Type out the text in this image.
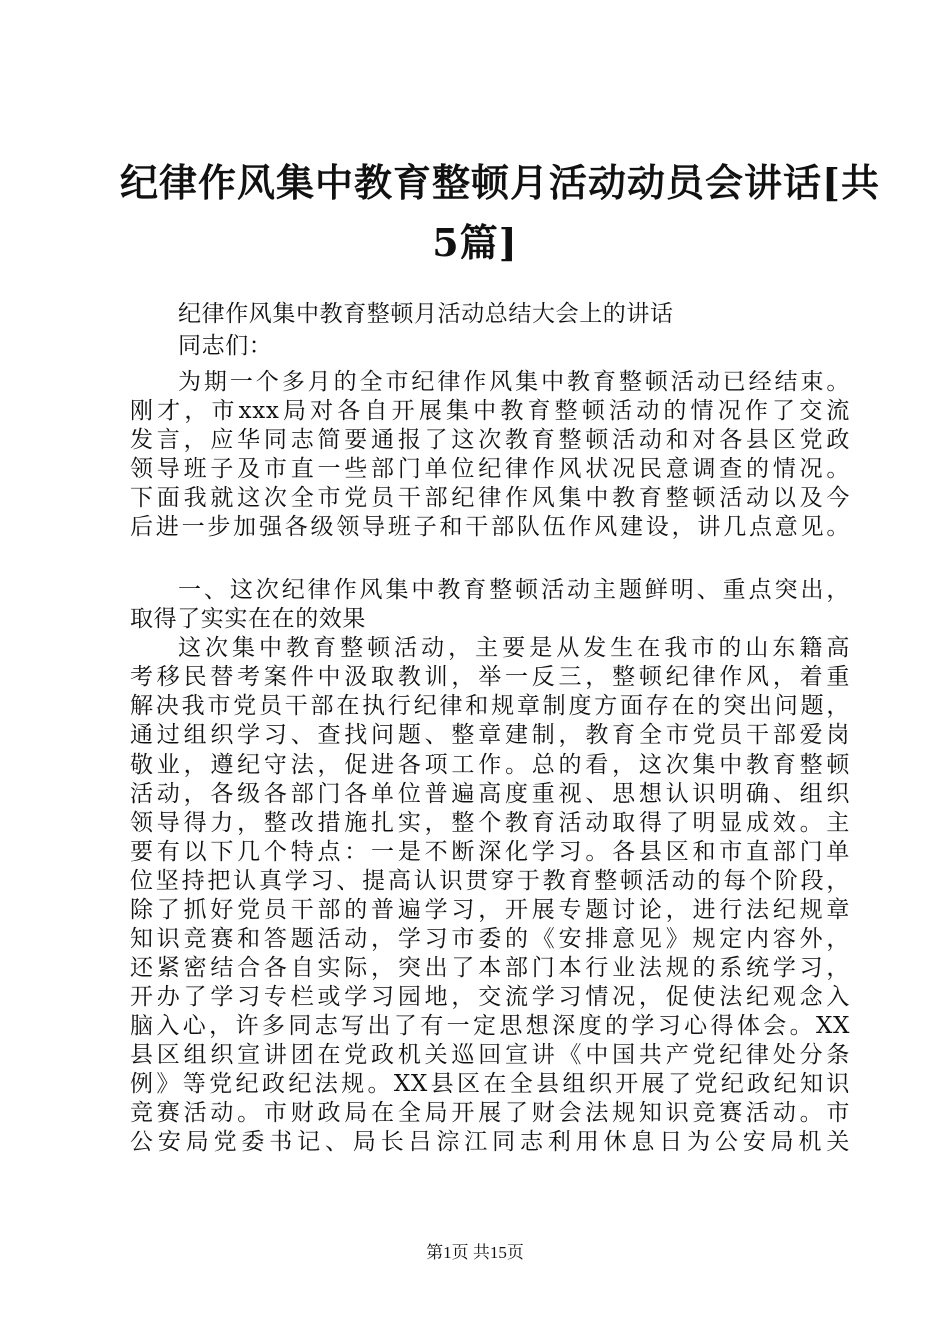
纪律作风集中教育整顿月活动动员会讲话[共
5篇]
纪律作风集中教育整顿月活动总结大会上的讲话
同志们：
为期一个多月的全市纪律作风集中教育整顿活动已经结束。
刚才，市xxx局对各自开展集中教育整顿活动的情况作了交流
发言，应华同志简要通报了这次教育整顿活动和对各县区党政
领导班子及市直一些部门单位纪律作风状况民意调查的情况。
下面我就这次全市党员干部纪律作风集中教育整顿活动以及今
后进一步加强各级领导班子和干部队伍作风建设，讲几点意见。
一、这次纪律作风集中教育整顿活动主题鲜明、重点突出，
取得了实实在在的效果
这次集中教育整顿活动，主要是从发生在我市的山东籍高
考移民替考案件中汲取教训，举一反三，整顿纪律作风，着重
解决我市党员干部在执行纪律和规章制度方面存在的突出问题，
通过组织学习、查找问题、整章建制，教育全市党员干部爱岗
敬业，遵纪守法，促进各项工作。总的看，这次集中教育整顿
活动，各级各部门各单位普遍高度重视、思想认识明确、组织
领导得力，整改措施扎实，整个教育活动取得了明显成效。主
要有以下几个特点：一是不断深化学习。各县区和市直部门单
位坚持把认真学习、提高认识贯穿于教育整顿活动的每个阶段，
除了抓好党员干部的普遍学习，开展专题讨论，进行法纪规章
知识竞赛和答题活动，学习市委的《安排意见》规定内容外，
还紧密结合各自实际，突出了本部门本行业法规的系统学习，
开办了学习专栏或学习园地，交流学习情况，促使法纪观念入
脑入心，许多同志写出了有一定思想深度的学习心得体会。XX
县区组织宣讲团在党政机关巡回宣讲《中国共产党纪律处分条
例》等党纪政纪法规。XX县区在全县组织开展了党纪政纪知识
竞赛活动。市财政局在全局开展了财会法规知识竞赛活动。市
公安局党委书记、局长吕淙江同志利用休息日为公安局机关
第1页 共15页
